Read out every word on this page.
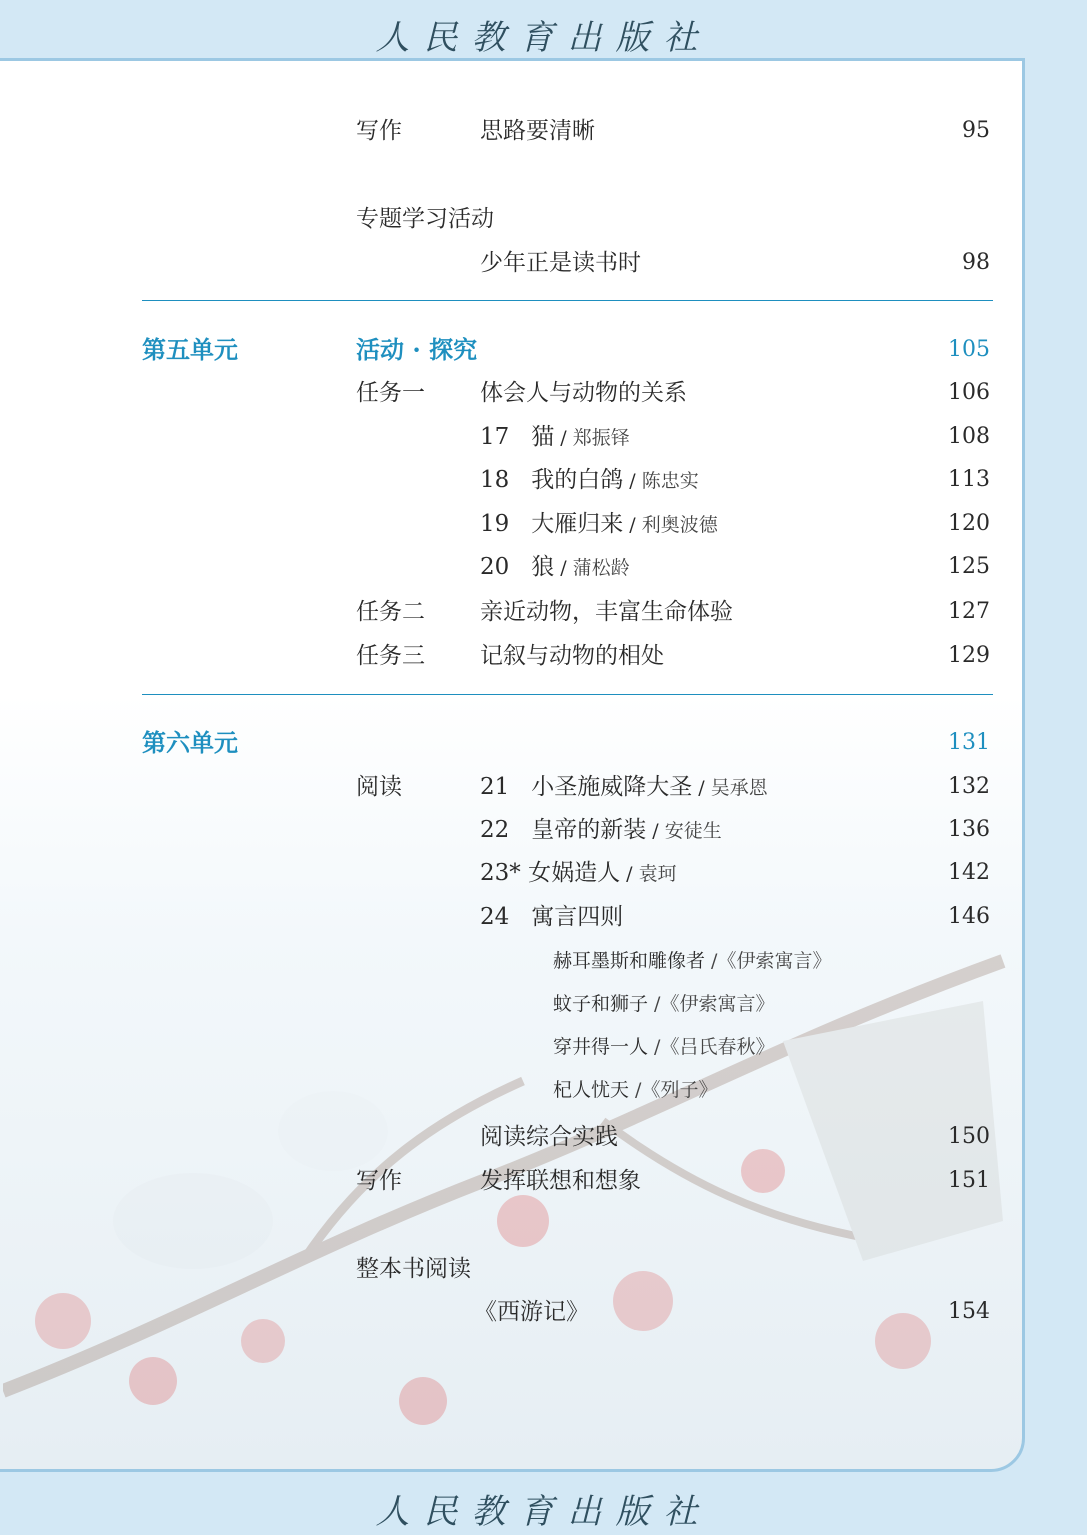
人民教育出版社
写作	思路要清晰	95
专题学习活动
少年正是读书时	98
第五单元	活动 · 探究	105
任务一 体会人与动物的关系	106
17 猫 / 郑振铎	108
18 我的白鸽 / 陈忠实	113
19 大雁归来 / 利奥波德	120
20 狼 / 蒲松龄	125
任务二 亲近动物，丰富生命体验	127
任务三 记叙与动物的相处	129
第六单元	131
阅读	21 小圣施威降大圣 / 吴承恩	132
22 皇帝的新装 / 安徒生	136
23* 女娲造人 / 袁珂	142
24 寓言四则	146
赫耳墨斯和雕像者 /《伊索寓言》
蚊子和狮子 /《伊索寓言》
穿井得一人 /《吕氏春秋》
杞人忧天 /《列子》
阅读综合实践	150
写作	发挥联想和想象	151
整本书阅读
《西游记》	154
人民教育出版社
